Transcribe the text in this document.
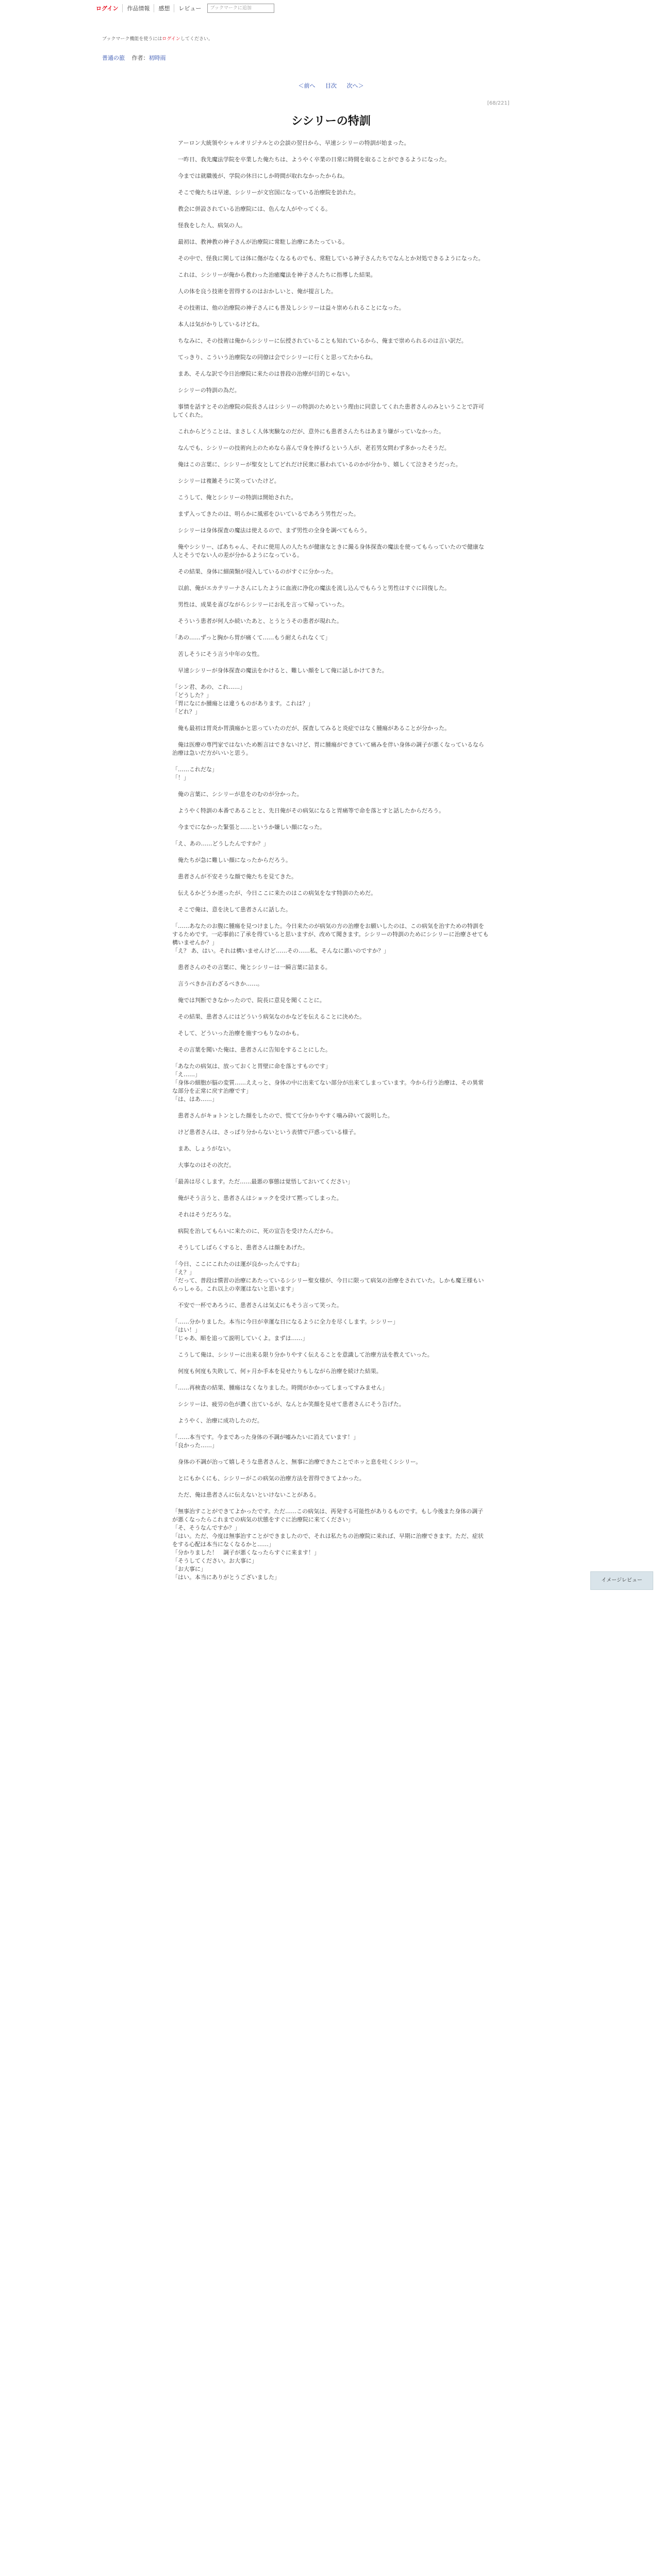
ログイン	作品情報	感想	レビュー	ブックマークに追加
ブックマーク機能を使うにはログインしてください。
普通の旅 作者：初時雨
＜前へ 目次 次へ＞
[68/221]
シシリーの特訓

　アーロン大統領やシャルオリジナルとの会談の翌日から、早速シシリーの特訓が始まった。

　一昨日、我先魔法学院を卒業した俺たちは、ようやく卒業の日常に時間を取ることができるようになった。

　今までは就職後が、学院の休日にしか時間が取れなかったからね。

　そこで俺たちは早速、シシリーが文官国になっている治療院を訪れた。

　教会に併設されている治療院には、色んな人がやってくる。

　怪我をした人、病気の人。

　最初は、教神教の神子さんが治療院に常駐し治療にあたっている。

　その中で、怪我に関しては体に傷がなくなるものでも、常駐している神子さんたちでなんとか対処できるようになった。

　これは、シシリーが俺から教わった治癒魔法を神子さんたちに指導した結果。

　人の体を良う技術を習得するのはおかしいと、俺が提言した。

　その技術は、他の治療院の神子さんにも普及しシシリーは益々崇められることになった。

　本人は気がかりしているけどね。

　ちなみに、その技術は俺からシシリーに伝授されていることも知れているから、俺まで崇められるのは言い訳だ。

　てっきり、こういう治療院なの同僚は会でシシリーに行くと思ってたからね。

　まあ、そんな訳で今日治療院に来たのは普段の治療が目的じゃない。

　シシリーの特訓の為だ。

　事情を話すとその治療院の院長さんはシシリーの特訓のためという理由に同意してくれた患者さんのみということで許可してくれた。

　これからどうことは、まさしく人体実験なのだが、意外にも患者さんたちはあまり嫌がっていなかった。

　なんでも、シシリーの技術向上のためなら喜んで身を捧げるという人が、老若男女問わず多かったそうだ。

　俺はこの言葉に、シシリーが聖女としてどれだけ民衆に慕われているのかが分かり、嬉しくて泣きそうだった。

　シシリーは複雑そうに笑っていたけど。

　こうして、俺とシシリーの特訓は開始された。

　まず入ってきたのは、明らかに風邪をひいているであろう男性だった。

　シシリーは身体探査の魔法は使えるので、まず男性の全身を調べてもらう。

　俺やシシリー、ばあちゃん、それに使用人の人たちが健康なときに撮る身体探査の魔法を使ってもらっていたので健康な人とそうでない人の差が分かるようになっている。

　その結果、身体に細菌類が侵入しているのがすぐに分かった。

　以前、俺がエカテリーナさんにしたように血液に浄化の魔法を流し込んでもらうと男性はすぐに回復した。

　男性は、成果を喜びながらシシリーにお礼を言って帰っていった。

　そういう患者が何人か続いたあと、とうとうその患者が現れた。

「あの……ずっと胸から胃が痛くて……もう耐えられなくて」

　苦しそうにそう言う中年の女性。

　早速シシリーが身体探査の魔法をかけると、難しい顔をして俺に話しかけてきた。

「シン君、あの、これ……」
「どうした？」
「胃になにか腫瘍とは違うものがあります。これは？」
「どれ？」

　俺も最初は胃炎か胃潰瘍かと思っていたのだが、探査してみると炎症ではなく腫瘍があることが分かった。

　俺は医療の専門家ではないため断言はできないけど、胃に腫瘍ができていて痛みを伴い身体の調子が悪くなっているなら治療は急いだ方がいいと思う。

「……これだな」
「！」

　俺の言葉に、シシリーが息をのむのが分かった。

　ようやく特訓の本番であることと、先日俺がその病気になると胃痛等で命を落とすと話したからだろう。

　今までになかった緊張と……というか嫌しい顔になった。

「え、あの……どうしたんですか？」

　俺たちが急に難しい顔になったからだろう。

　患者さんが不安そうな顔で俺たちを見てきた。

　伝えるかどうか迷ったが、今日ここに来たのはこの病気をなす特訓のためだ。

　そこで俺は、意を決して患者さんに話した。

「……あなたのお腹に腫瘍を見つけました。今日来たのが病気の方の治療をお願いしたのは、この病気を治すための特訓をするためです。一応事前に了承を得ていると思いますが、改めて聞きます。シシリーの特訓のためにシシリーに治療させても構いませんか？」
「え？ あ、はい。それは構いませんけど……その……私、そんなに悪いのですか？」

　患者さんのその言葉に、俺とシシリーは一瞬言葉に詰まる。

　言うべきか言わざるべきか……。

　俺では判断できなかったので、院長に意見を聞くことに。

　その結果、患者さんにはどういう病気なのかなどを伝えることに決めた。

　そして、どういった治療を施すつもりなのかも。

　その言葉を聞いた俺は、患者さんに告知をすることにした。

「あなたの病気は、放っておくと胃壁に命を落とすものです」
「え……」
「身体の細胞が脳の変質……ええっと、身体の中に出来てない部分が出来てしまっています。今から行う治療は、その異常な部分を正常に戻す治療です」
「は、はあ……」

　患者さんがキョトンとした顔をしたので、慌てて分かりやすく噛み砕いて説明した。

　けど患者さんは、さっぱり分からないという表情で戸惑っている様子。

　まあ、しょうがない。

　大事なのはその次だ。

「最善は尽くします。ただ……最悪の事態は覚悟しておいてください」

　俺がそう言うと、患者さんはショックを受けて黙ってしまった。

　それはそうだろうな。

　病院を治してもらいに来たのに、死の宣告を受けたんだから。

　そうしてしばらくすると、患者さんは顔をあげた。

「今日、ここにこれたのは運が良かったんですね」
「え？」
「だって、普段は慣習の治療にあたっているシシリー聖女様が、今日に限って病気の治療をされていた。しかも魔王様もいらっしゃる。これ以上の幸運はないと思います」

　不安で一杯であろうに、患者さんは気丈にもそう言って笑った。

「……分かりました。本当に今日が幸運な日になるように全力を尽くします。シシリー」
「はい！」
「じゃあ、順を追って説明していくよ。まずは……」

　こうして俺は、シシリーに出来る限り分かりやすく伝えることを意識して治療方法を教えていった。

　何度も何度も失敗して、何ヶ月か手本を見せたりもしながら治療を続けた結果。

「……再検査の結果、腫瘍はなくなりました。時間がかかってしまってすみません」

　シシリーは、疲労の色が濃く出ているが、なんとか笑顔を見せて患者さんにそう告げた。

　ようやく、治療に成功したのだ。

「……本当です。今まであった身体の不調が嘘みたいに消えています！」
「良かった……」

　身体の不調が治って嬉しそうな患者さんと、無事に治療できたことでホッと息を吐くシシリー。

　とにもかくにも、シシリーがこの病気の治療方法を習得できてよかった。

　ただ、俺は患者さんに伝えないといけないことがある。

「無事治すことができてよかったです。ただ……この病気は、再発する可能性がありるものです。もし今後また身体の調子が悪くなったらこれまでの病気の状態をすぐに治療院に来てください」
「そ、そうなんですか？」
「はい。ただ、今度は無事治すことができましたので、それは私たちの治療院に来れば、早期に治療できます。ただ、症状をする心配は本当になくなるかと……」
「分かりました！　調子が悪くなったらすぐに来ます！」
「そうしてください。お大事に」
「お大事に」
「はい。本当にありがとうございました」	イメージレビュー
